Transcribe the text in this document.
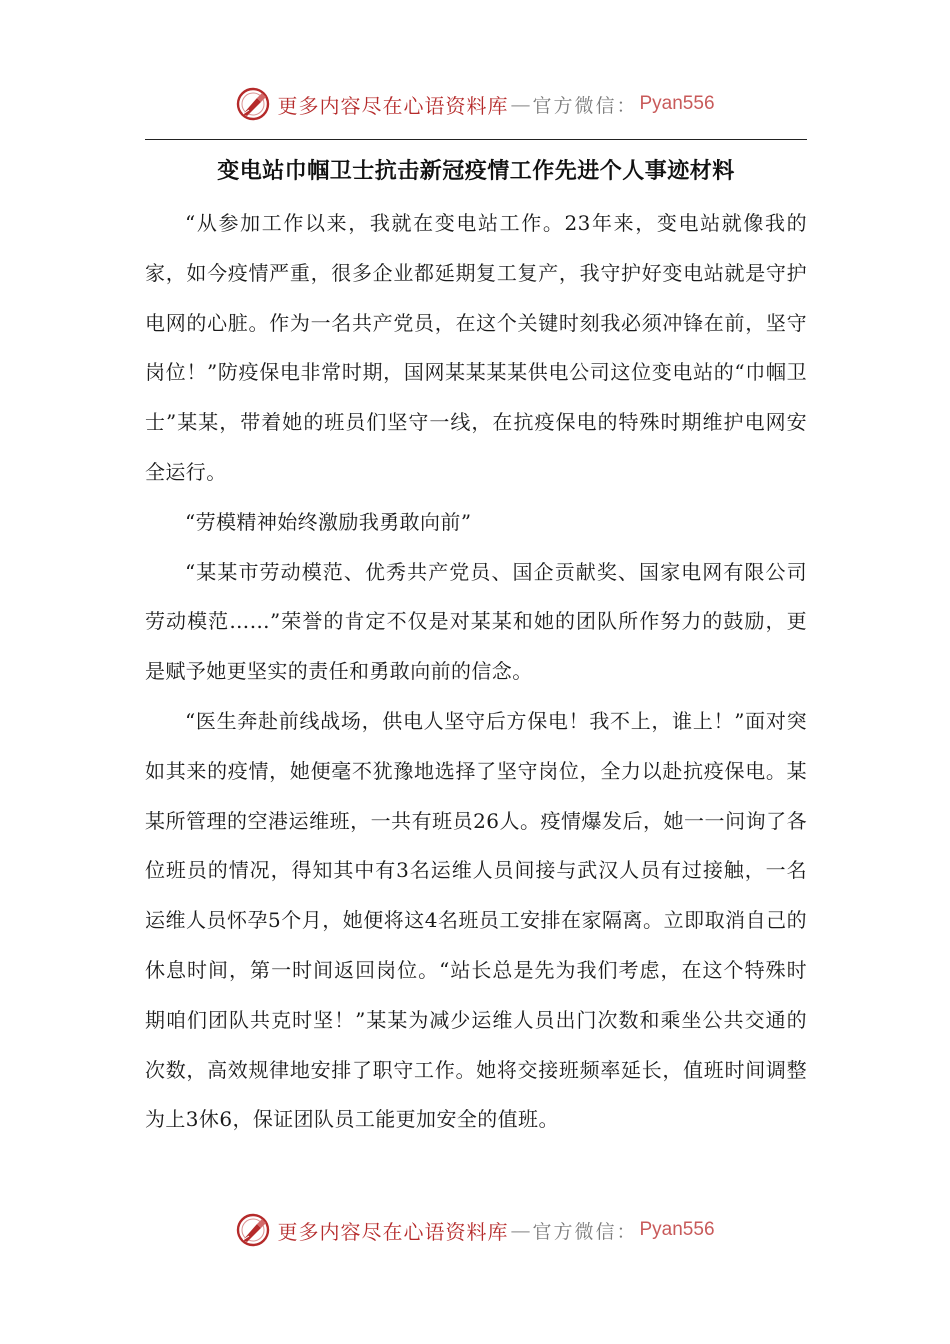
更多内容尽在心语资料库 — 官方微信： Pyan556
变电站巾帼卫士抗击新冠疫情工作先进个人事迹材料

“从参加工作以来，我就在变电站工作。23年来，变电站就像我的家，如今疫情严重，很多企业都延期复工复产，我守护好变电站就是守护电网的心脏。作为一名共产党员，在这个关键时刻我必须冲锋在前，坚守岗位！”防疫保电非常时期，国网某某某某供电公司这位变电站的“巾帼卫士”某某，带着她的班员们坚守一线，在抗疫保电的特殊时期维护电网安全运行。

“劳模精神始终激励我勇敢向前”

“某某市劳动模范、优秀共产党员、国企贡献奖、国家电网有限公司劳动模范……”荣誉的肯定不仅是对某某和她的团队所作努力的鼓励，更是赋予她更坚实的责任和勇敢向前的信念。

“医生奔赴前线战场，供电人坚守后方保电！我不上，谁上！”面对突如其来的疫情，她便毫不犹豫地选择了坚守岗位，全力以赴抗疫保电。某某所管理的空港运维班，一共有班员26人。疫情爆发后，她一一问询了各位班员的情况，得知其中有3名运维人员间接与武汉人员有过接触，一名运维人员怀孕5个月，她便将这4名班员工安排在家隔离。立即取消自己的休息时间，第一时间返回岗位。“站长总是先为我们考虑，在这个特殊时期咱们团队共克时坚！”某某为减少运维人员出门次数和乘坐公共交通的次数，高效规律地安排了职守工作。她将交接班频率延长，值班时间调整为上3休6，保证团队员工能更加安全的值班。

更多内容尽在心语资料库 — 官方微信： Pyan556
